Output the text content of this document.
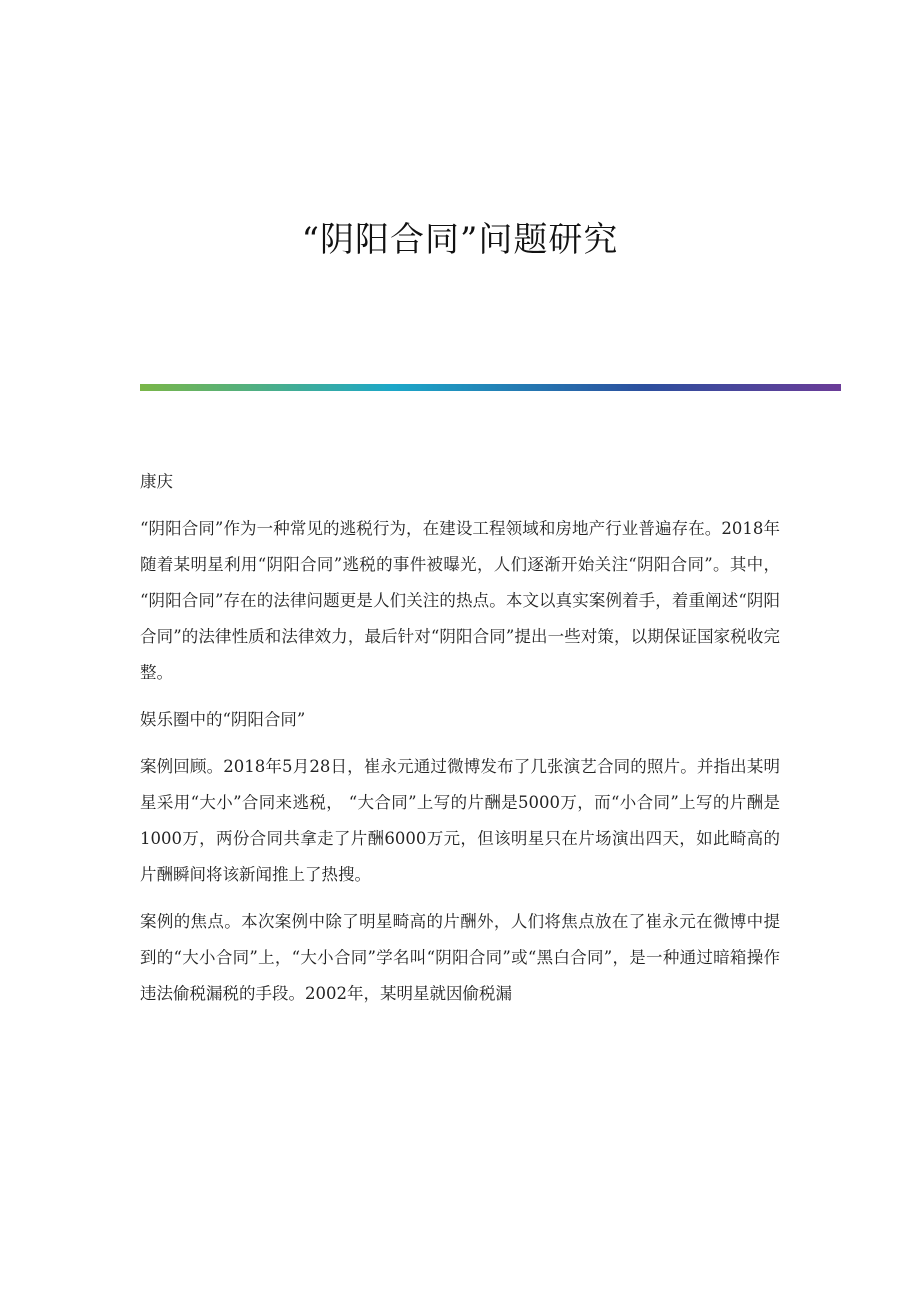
“阴阳合同”问题研究

康庆

“阴阳合同”作为一种常见的逃税行为，在建设工程领域和房地产行业普遍存在。2018年随着某明星利用“阴阳合同”逃税的事件被曝光，人们逐渐开始关注“阴阳合同”。其中， “阴阳合同”存在的法律问题更是人们关注的热点。本文以真实案例着手，着重阐述“阴阳合同”的法律性质和法律效力，最后针对“阴阳合同”提出一些对策，以期保证国家税收完整。

娱乐圈中的“阴阳合同”

案例回顾。2018年5月28日，崔永元通过微博发布了几张演艺合同的照片。并指出某明星采用“大小”合同来逃税， “大合同”上写的片酬是5000万，而“小合同”上写的片酬是1000万，两份合同共拿走了片酬6000万元，但该明星只在片场演出四天，如此畸高的片酬瞬间将该新闻推上了热搜。

案例的焦点。本次案例中除了明星畸高的片酬外，人们将焦点放在了崔永元在微博中提到的“大小合同”上，“大小合同”学名叫“阴阳合同”或“黑白合同”，是一种通过暗箱操作违法偷税漏税的手段。2002年，某明星就因偷税漏
